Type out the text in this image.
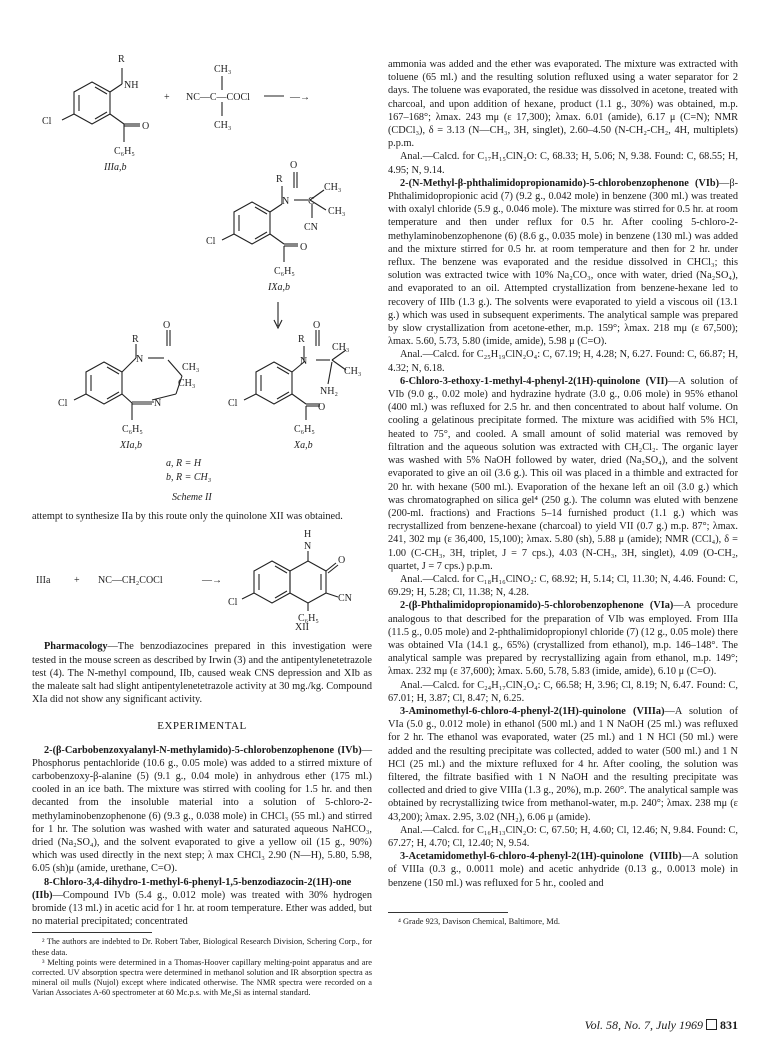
R
NH
Cl	O
C₆H₅
IIIa,b
+
CH₃
NC—C—COCl
CH₃
—→
R
O
N C
CH₃
CH₃
CN
Cl
O
C₆H₅
IXa,b
R
O
N
CH₃
CH₃
N
Cl
C₆H₅
XIa,b
R
O
N
CH₃
CH₃
Cl	O
NH₂
C₆H₅
Xa,b
a, R = H
b, R = CH₃
Scheme II

attempt to synthesize IIa by this route only the quinolone XII was obtained.

IIIa + NC—CH₂COCl	—→
H
N
O
CN
Cl
C₆H₅
XII

Pharmacology—The benzodiazocines prepared in this investigation were tested in the mouse screen as described by Irwin (3) and the antipentylenetetrazole test (4). The N-methyl compound, IIb, caused weak CNS depression and XIb as the maleate salt had slight antipentylenetetrazole activity at 30 mg./kg. Compound XIa did not show any significant activity.

EXPERIMENTAL

2-(β-Carbobenzoxyalanyl-N-methylamido)-5-chlorobenzophenone (IVb)—Phosphorus pentachloride (10.6 g., 0.05 mole) was added to a stirred mixture of carbobenzoxy-β-alanine (5) (9.1 g., 0.04 mole) in anhydrous ether (175 ml.) cooled in an ice bath. The mixture was stirred with cooling for 1.5 hr. and then decanted from the insoluble material into a solution of 5-chloro-2-methylaminobenzophenone (6) (9.3 g., 0.038 mole) in CHCl₃ (55 ml.) and stirred for 1 hr. The solution was washed with water and saturated aqueous NaHCO₃, dried (Na₂SO₄), and the solvent evaporated to give a yellow oil (15 g., 90%) which was used directly in the next step; λ max CHCl₃ 2.90 (N—H), 5.80, 5.98, 6.05 (sh)μ (amide, urethane, C=O).

8-Chloro-3,4-dihydro-1-methyl-6-phenyl-1,5-benzodiazocin-2(1H)-one (IIb)—Compound IVb (5.4 g., 0.012 mole) was treated with 30% hydrogen bromide (13 ml.) in acetic acid for 1 hr. at room temperature. Ether was added, but no material precipitated; concentrated

² The authors are indebted to Dr. Robert Taber, Biological Research Division, Schering Corp., for these data.

³ Melting points were determined in a Thomas-Hoover capillary melting-point apparatus and are corrected. UV absorption spectra were determined in methanol solution and IR absorption spectra as mineral oil mulls (Nujol) except where indicated otherwise. The NMR spectra were recorded on a Varian Associates A-60 spectrometer at 60 Mc.p.s. with Me₄Si as internal standard.

ammonia was added and the ether was evaporated. The mixture was extracted with toluene (65 ml.) and the resulting solution refluxed using a water separator for 2 days. The toluene was evaporated, the residue was dissolved in acetone, treated with charcoal, and upon addition of hexane, product (1.1 g., 30%) was obtained, m.p. 167–168°; λmax. 243 mμ (ε 17,300); λmax. 6.01 (amide), 6.17 μ (C=N); NMR (CDCl₃), δ = 3.13 (N—CH₃, 3H, singlet), 2.60–4.50 (N-CH₂-CH₂, 4H, multiplets) p.p.m.

Anal.—Calcd. for C₁₇H₁₅ClN₂O: C, 68.33; H, 5.06; N, 9.38. Found: C, 68.55; H, 4.95; N, 9.14.

2-(N-Methyl-β-phthalimidopropionamido)-5-chlorobenzophenone (VIb)—β-Phthalimidopropionic acid (7) (9.2 g., 0.042 mole) in benzene (300 ml.) was treated with oxalyl chloride (5.9 g., 0.046 mole). The mixture was stirred for 0.5 hr. at room temperature and then under reflux for 0.5 hr. After cooling 5-chloro-2-methylaminobenzophenone (6) (8.6 g., 0.035 mole) in benzene (130 ml.) was added and the mixture stirred for 0.5 hr. at room temperature and then for 2 hr. under reflux. The benzene was evaporated and the residue dissolved in CHCl₃; this solution was extracted twice with 10% Na₂CO₃, once with water, dried (Na₂SO₄), and evaporated to an oil. Attempted crystallization from benzene-hexane led to recovery of IIIb (1.3 g.). The solvents were evaporated to yield a viscous oil (13.1 g.) which was used in subsequent experiments. The analytical sample was prepared by slow crystallization from acetone-ether, m.p. 159°; λmax. 218 mμ (ε 67,500); λmax. 5.60, 5.73, 5.80 (imide, amide), 5.98 μ (C=O).

Anal.—Calcd. for C₂₅H₁₉ClN₂O₄: C, 67.19; H, 4.28; N, 6.27. Found: C, 66.87; H, 4.32; N, 6.18.

6-Chloro-3-ethoxy-1-methyl-4-phenyl-2(1H)-quinolone (VII)—A solution of VIb (9.0 g., 0.02 mole) and hydrazine hydrate (3.0 g., 0.06 mole) in 95% ethanol (400 ml.) was refluxed for 2.5 hr. and then concentrated to about half volume. On cooling a gelatinous precipitate formed. The mixture was acidified with 5% HCl, heated to 75°, and cooled. A small amount of solid material was removed by filtration and the aqueous solution was extracted with CH₂Cl₂. The organic layer was washed with 5% NaOH followed by water, dried (Na₂SO₄), and the solvent evaporated to give an oil (3.6 g.). This oil was placed in a thimble and extracted for 20 hr. with hexane (500 ml.). Evaporation of the hexane left an oil (3.0 g.) which was chromatographed on silica gel⁴ (250 g.). The column was eluted with benzene (200-ml. fractions) and Fractions 5–14 furnished product (1.1 g.) which was recrystallized from benzene-hexane (charcoal) to yield VII (0.7 g.) m.p. 87°; λmax. 241, 302 mμ (ε 36,400, 15,100); λmax. 5.80 (sh), 5.88 μ (amide); NMR (CCl₄), δ = 1.00 (C-CH₃, 3H, triplet, J = 7 cps.), 4.03 (N-CH₃, 3H, singlet), 4.09 (O-CH₂, quartet, J = 7 cps.) p.p.m.

Anal.—Calcd. for C₁₈H₁₆ClNO₂: C, 68.92; H, 5.14; Cl, 11.30; N, 4.46. Found: C, 69.29; H, 5.28; Cl, 11.38; N, 4.28.

2-(β-Phthalimidopropionamido)-5-chlorobenzophenone (VIa)—A procedure analogous to that described for the preparation of VIb was employed. From IIIa (11.5 g., 0.05 mole) and 2-phthalimidopropionyl chloride (7) (12 g., 0.05 mole) there was obtained VIa (14.1 g., 65%) (crystallized from ethanol), m.p. 146–148°. The analytical sample was prepared by recrystallizing again from ethanol, m.p. 149°; λmax. 232 mμ (ε 37,600); λmax. 5.60, 5.78, 5.83 (imide, amide), 6.10 μ (C=O).

Anal.—Calcd. for C₂₄H₁₇ClN₂O₄: C, 66.58; H, 3.96; Cl, 8.19; N, 6.47. Found: C, 67.01; H, 3.87; Cl, 8.47; N, 6.25.

3-Aminomethyl-6-chloro-4-phenyl-2(1H)-quinolone (VIIIa)—A solution of VIa (5.0 g., 0.012 mole) in ethanol (500 ml.) and 1 N NaOH (25 ml.) was refluxed for 2 hr. The ethanol was evaporated, water (25 ml.) and 1 N HCl (50 ml.) were added and the resulting precipitate was collected, added to water (500 ml.) and 1 N HCl (25 ml.) and the mixture refluxed for 4 hr. After cooling, the solution was filtered, the filtrate basified with 1 N NaOH and the resulting precipitate was collected and dried to give VIIIa (1.3 g., 20%), m.p. 260°. The analytical sample was obtained by recrystallizing twice from methanol-water, m.p. 240°; λmax. 238 mμ (ε 43,200); λmax. 2.95, 3.02 (NH₂), 6.06 μ (amide).

Anal.—Calcd. for C₁₆H₁₃ClN₂O: C, 67.50; H, 4.60; Cl, 12.46; N, 9.84. Found: C, 67.27; H, 4.70; Cl, 12.40; N, 9.54.

3-Acetamidomethyl-6-chloro-4-phenyl-2(1H)-quinolone (VIIIb)—A solution of VIIIa (0.3 g., 0.0011 mole) and acetic anhydride (0.13 g., 0.0013 mole) in benzene (150 ml.) was refluxed for 5 hr., cooled and

⁴ Grade 923, Davison Chemical, Baltimore, Md.

Vol. 58, No. 7, July 1969 831
